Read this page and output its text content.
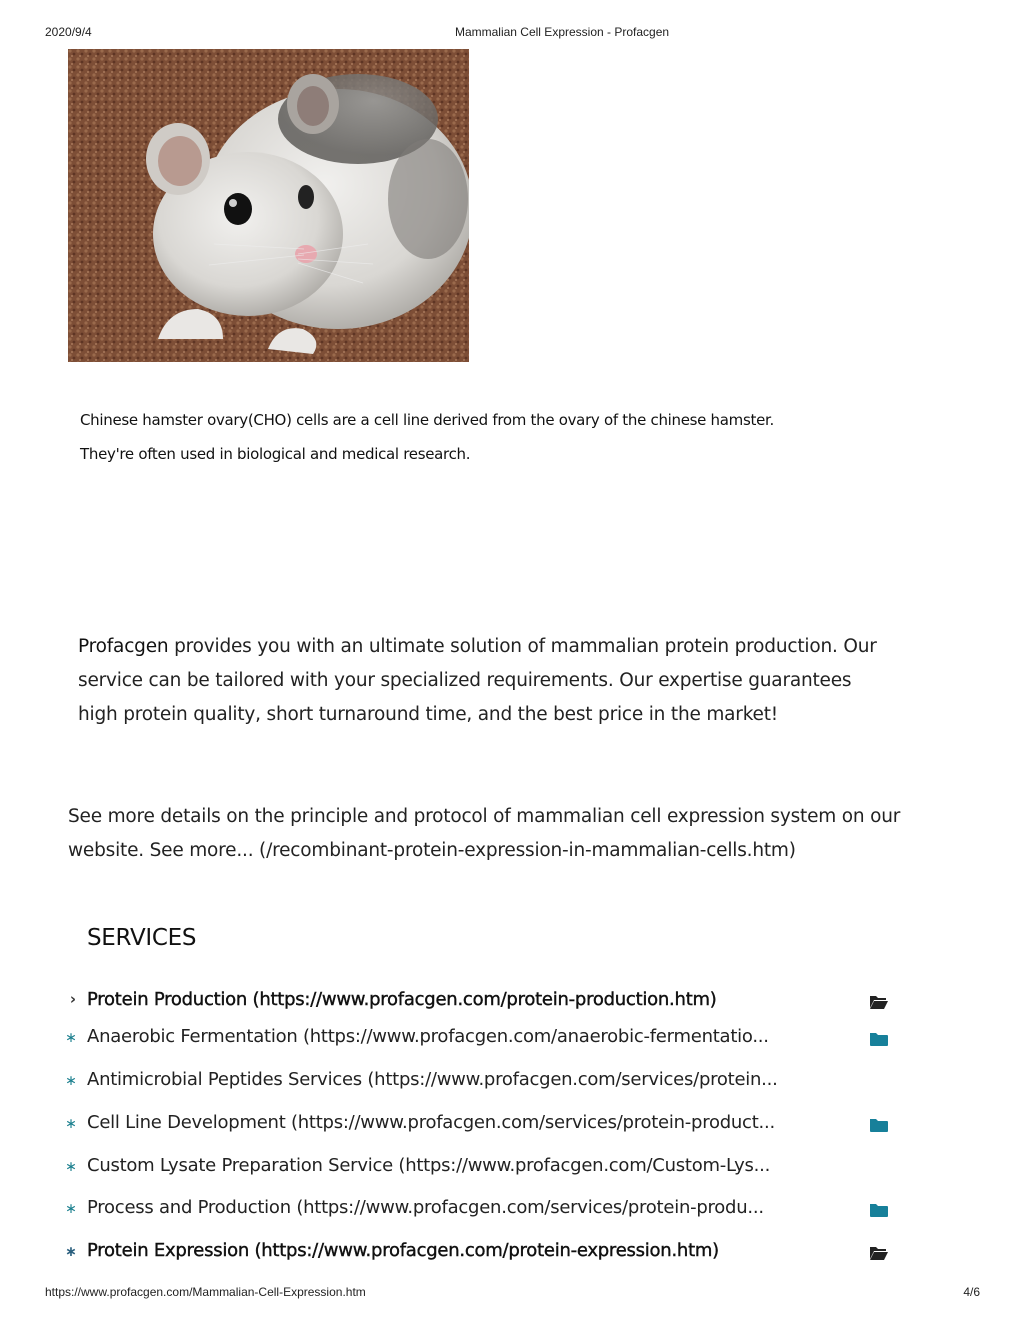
2020/9/4	Mammalian Cell Expression - Profacgen

Chinese hamster ovary(CHO) cells are a cell line derived from the ovary of the chinese hamster.

They're often used in biological and medical research.

Profacgen provides you with an ultimate solution of mammalian protein production. Our service can be tailored with your specialized requirements. Our expertise guarantees high protein quality, short turnaround time, and the best price in the market!
See more details on the principle and protocol of mammalian cell expression system on our website. See more... (/recombinant-protein-expression-in-mammalian-cells.htm)
SERVICES
› Protein Production (https://www.profacgen.com/protein-production.htm)
∗ Anaerobic Fermentation (https://www.profacgen.com/anaerobic-fermentatio...
∗ Antimicrobial Peptides Services (https://www.profacgen.com/services/protein...
∗ Cell Line Development (https://www.profacgen.com/services/protein-product...
∗ Custom Lysate Preparation Service (https://www.profacgen.com/Custom-Lys...
∗ Process and Production (https://www.profacgen.com/services/protein-produ...
∗ Protein Expression (https://www.profacgen.com/protein-expression.htm)
https://www.profacgen.com/Mammalian-Cell-Expression.htm	4/6
